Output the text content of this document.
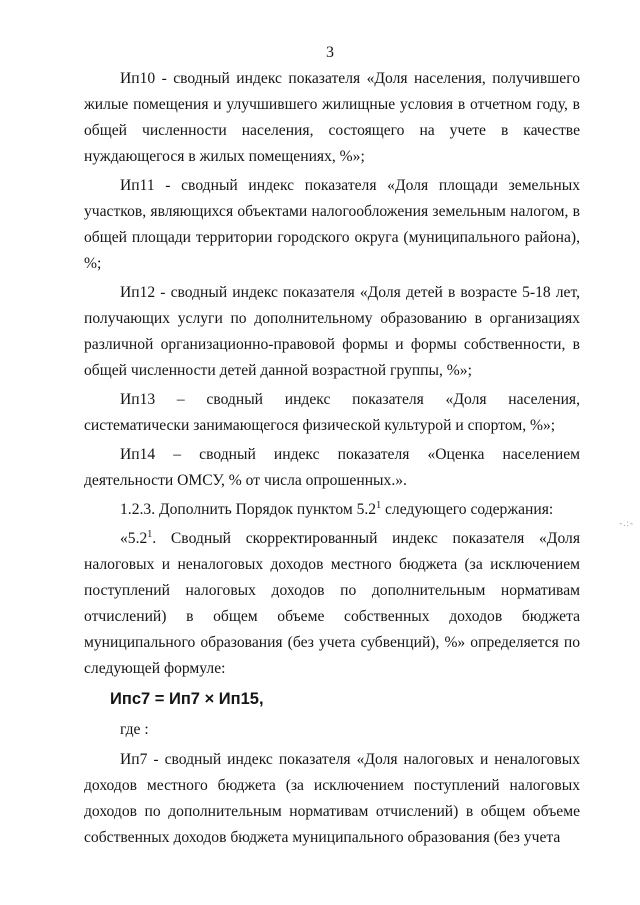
3

Ип10 - сводный индекс показателя «Доля населения, получившего жилые помещения и улучшившего жилищные условия в отчетном году, в общей численности населения, состоящего на учете в качестве нуждающегося в жилых помещениях, %»;

Ип11 - сводный индекс показателя «Доля площади земельных участков, являющихся объектами налогообложения земельным налогом, в общей площади территории городского округа (муниципального района), %;

Ип12 - сводный индекс показателя «Доля детей в возрасте 5-18 лет, получающих услуги по дополнительному образованию в организациях различной организационно-правовой формы и формы собственности, в общей численности детей данной возрастной группы, %»;

Ип13 – сводный индекс показателя «Доля населения, систематически занимающегося физической культурой и спортом, %»;

Ип14 – сводный индекс показателя «Оценка населением деятельности ОМСУ, % от числа опрошенных.».

1.2.3. Дополнить Порядок пунктом $5.2^1$ следующего содержания:

«$5.2^1$. Сводный скорректированный индекс показателя «Доля налоговых и неналоговых доходов местного бюджета (за исключением поступлений налоговых доходов по дополнительным нормативам отчислений) в общем объеме собственных доходов бюджета муниципального образования (без учета субвенций), %» определяется по следующей формуле:

Ипс7 = Ип7 × Ип15,

где :

Ип7 - сводный индекс показателя «Доля налоговых и неналоговых доходов местного бюджета (за исключением поступлений налоговых доходов по дополнительным нормативам отчислений) в общем объеме собственных доходов бюджета муниципального образования (без учета

-.:-
